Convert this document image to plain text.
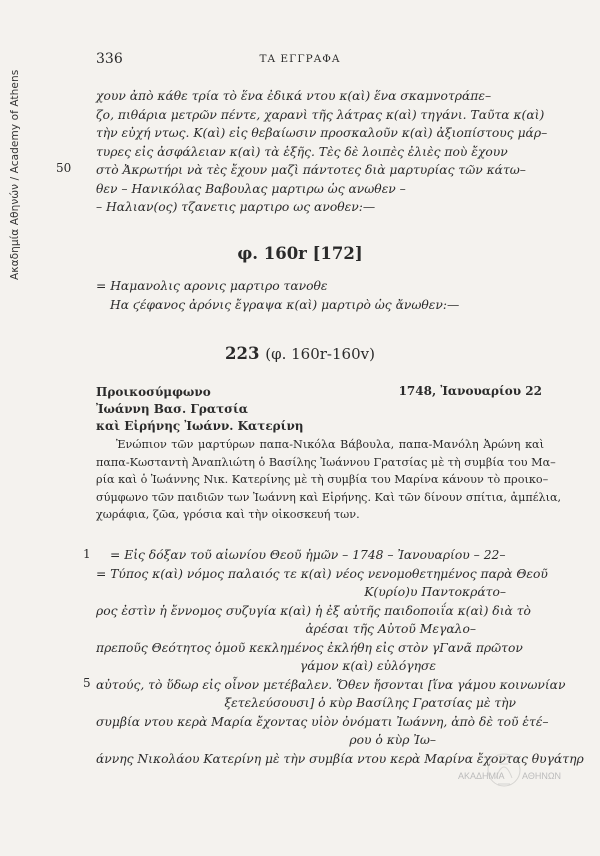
Ακαδημία Αθηνών / Academy of Athens
336	ΤΑ ΕΓΓΡΑΦΑ
χουν ἀπὸ κάθε τρία τὸ ἕνα ἐδικά ντου κ(αὶ) ἕνα σκαμνοτράπε–
ζο, πιθάρια μετρῶν πέντε, χαρανὶ τῆς λάτρας κ(αὶ) τηγάνι. Ταῦτα κ(αὶ)
τὴν εὐχή ντως. Κ(αὶ) εἰς θεβαίωσιν προσκαλοῦν κ(αὶ) ἀξιοπίστους μάρ–
τυρες εἰς ἀσφάλειαν κ(αὶ) τὰ ἑξῆς. Τὲς δὲ λοιπὲς ἐλιὲς ποὺ ἔχουν
στὸ Ἀκρωτήρι νὰ τὲς ἔχουν μαζὶ πάντοτες διὰ μαρτυρίας τῶν κάτω–
θεν – Ηανικόλας Βαβουλας μαρτιρω ὡς ανωθεν –
– Ηαλιαν(ος) τζανετις μαρτιρο ως ανοθεν:—
50
φ. 160r [172]
= Ηαμανολις αρονις μαρτιρο τανοθε
Ηα ϛέφανος ἀρόνις ἔγραψα κ(αὶ) μαρτιρὸ ὡς ἄνωθεν:—
223 (φ. 160r-160v)
Προικοσύμφωνο
Ἰωάννη Βασ. Γρατσία
καὶ Εἰρήνης Ἰωάνν. Κατερίνη
1748, Ἰανουαρίου 22
Ἐνώπιον τῶν μαρτύρων παπα-Νικόλα Βάβουλα, παπα-Μανόλη Ἀρώνη καὶ
παπα-Κωσταντὴ Ἀναπλιώτη ὁ Βασίλης Ἰωάννου Γρατσίας μὲ τὴ συμβία του Μα–
ρία καὶ ὁ Ἰωάννης Νικ. Κατερίνης μὲ τὴ συμβία του Μαρίνα κάνουν τὸ προικο–
σύμφωνο τῶν παιδιῶν των Ἰωάννη καὶ Εἰρήνης. Καὶ τῶν δίνουν σπίτια, ἀμπέλια,
χωράφια, ζῶα, γρόσια καὶ τὴν οἰκοσκευή των.
= Εἰς δόξαν τοῦ αἰωνίου Θεοῦ ἡμῶν – 1748 – Ἰανουαρίου – 22–
= Τύπος κ(αὶ) νόμος παλαιός τε κ(αὶ) νέος νενομοθετημένος παρὰ Θεοῦ
Κ(υρίο)υ Παντοκράτο–
ρος ἐστὶν ἡ ἔννομος συζυγία κ(αὶ) ἡ ἐξ αὐτῆς παιδοποιΐα κ(αὶ) διὰ τὸ
ἀρέσαι τῆς Αὐτοῦ Μεγαλο–
πρεποῦς Θεότητος ὁμοῦ κεκλημένος ἐκλήθη εἰς στὸν γΓανᾶ πρῶτον
γάμον κ(αὶ) εὐλόγησε
αὐτούς, τὸ ὕδωρ εἰς οἶνον μετέβαλεν. Ὅθεν ἤσονται [ἵνα γάμου κοινωνίαν
ξετελεύσουσι] ὁ κὺρ Βασίλης Γρατσίας μὲ τὴν
συμβία ντου κερὰ Μαρία ἔχοντας υἱὸν ὀνόματι Ἰωάννη, ἀπὸ δὲ τοῦ ἑτέ–
ρου ὁ κὺρ Ἰω–
άννης Νικολάου Κατερίνη μὲ τὴν συμβία ντου κερὰ Μαρίνα ἔχοντας θυγάτηρ
1
5
ΑΚΑΔΗΜΙΑ ΑΘΗΝΩΝ
